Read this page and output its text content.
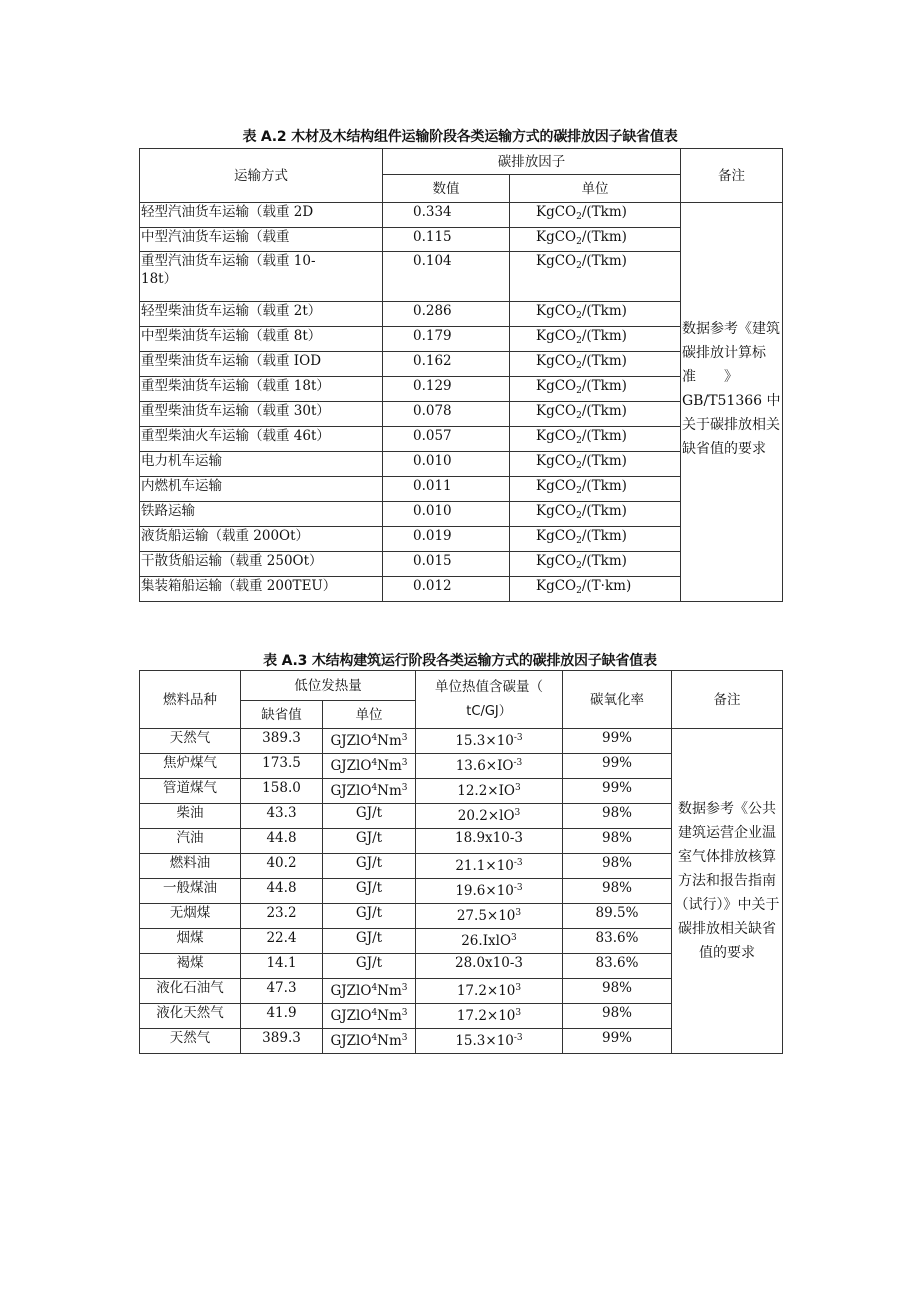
表 A.2 木材及木结构组件运输阶段各类运输方式的碳排放因子缺省值表
运输方式	碳排放因子		备注
	数值	单位	
轻型汽油货车运输（载重 2D	0.334	KgCO$_2$/(Tkm)	数据参考《建筑碳排放计算标　　准　　》GB/T51366 中关于碳排放相关缺省值的要求
中型汽油货车运输（载重	0.115	KgCO$_2$/(Tkm)	
重型汽油货车运输（载重 10-
18t）	0.104	KgCO$_2$/(Tkm)	
轻型柴油货车运输（载重 2t）	0.286	KgCO$_2$/(Tkm)	
中型柴油货车运输（载重 8t）	0.179	KgCO$_2$/(Tkm)	
重型柴油货车运输（载重 IOD	0.162	KgCO$_2$/(Tkm)	
重型柴油货车运输（载重 18t）	0.129	KgCO$_2$/(Tkm)	
重型柴油货车运输（载重 30t）	0.078	KgCO$_2$/(Tkm)	
重型柴油火车运输（载重 46t）	0.057	KgCO$_2$/(Tkm)	
电力机车运输	0.010	KgCO$_2$/(Tkm)	
内燃机车运输	0.011	KgCO$_2$/(Tkm)	
铁路运输	0.010	KgCO$_2$/(Tkm)	
液货船运输（载重 200Ot）	0.019	KgCO$_2$/(Tkm)	
干散货船运输（载重 250Ot）	0.015	KgCO$_2$/(Tkm)	
集装箱船运输（载重 200TEU）	0.012	KgCO$_2$/(T·km)	
表 A.3 木结构建筑运行阶段各类运输方式的碳排放因子缺省值表
燃料品种	低位发热量		单位热值含碳量（
tC/GJ）	碳氧化率	备注
	缺省值	单位			
天然气	389.3	GJZlO$^4$Nm$^3$	$15.3\times 10^{-3}$	99%	数据参考《公共建筑运营企业温室气体排放核算方法和报告指南（试行）》中关于碳排放相关缺省值的要求
焦炉煤气	173.5	GJZlO$^4$Nm$^3$	$13.6\times IO^{-3}$	99%	
管道煤气	158.0	GJZlO$^4$Nm$^3$	$12.2\times IO^3$	99%	
柴油	43.3	GJ/t	$20.2\times lO^3$	98%	
汽油	44.8	GJ/t	18.9x10-3	98%	
燃料油	40.2	GJ/t	$21.1\times 10^{-3}$	98%	
一般煤油	44.8	GJ/t	$19.6\times 10^{-3}$	98%	
无烟煤	23.2	GJ/t	$27.5\times 10^3$	89.5%	
烟煤	22.4	GJ/t	26.IxlO$^3$	83.6%	
褐煤	14.1	GJ/t	28.0x10-3	83.6%	
液化石油气	47.3	GJZlO$^4$Nm$^3$	$17.2\times 10^3$	98%	
液化天然气	41.9	GJZlO$^4$Nm$^3$	$17.2\times 10^3$	98%	
天然气	389.3	GJZlO$^4$Nm$^3$	$15.3\times 10^{-3}$	99%	
